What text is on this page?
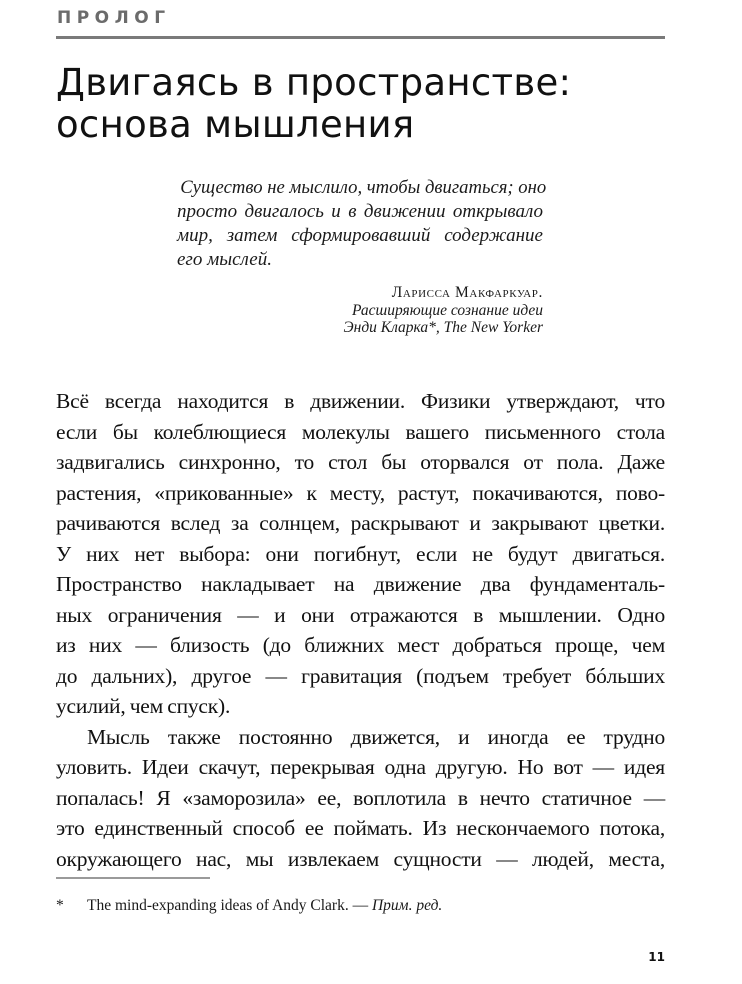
ПРОЛОГ
Двигаясь в пространстве:
основа мышления
Существо не мыслило, чтобы двигаться; оно
просто двигалось и в движении открывало
мир, затем сформировавший содержание
его мыслей.
Ларисса Макфаркуар.
Расширяющие сознание идеи
Энди Кларка*, The New Yorker
Всё всегда находится в движении. Физики утверждают, что
если бы колеблющиеся молекулы вашего письменного стола
задвигались синхронно, то стол бы оторвался от пола. Даже
растения, «прикованные» к месту, растут, покачиваются, пово-
рачиваются вслед за солнцем, раскрывают и закрывают цветки.
У них нет выбора: они погибнут, если не будут двигаться.
Пространство накладывает на движение два фундаменталь-
ных ограничения — и они отражаются в мышлении. Одно
из них — близость (до ближних мест добраться проще, чем
до дальних), другое — гравитация (подъем требует бóльших
усилий, чем спуск).
Мысль также постоянно движется, и иногда ее трудно
уловить. Идеи скачут, перекрывая одна другую. Но вот — идея
попалась! Я «заморозила» ее, воплотила в нечто статичное —
это единственный способ ее поймать. Из нескончаемого потока,
окружающего нас, мы извлекаем сущности — людей, места,
* The mind-expanding ideas of Andy Clark. — Прим. ред.
11
